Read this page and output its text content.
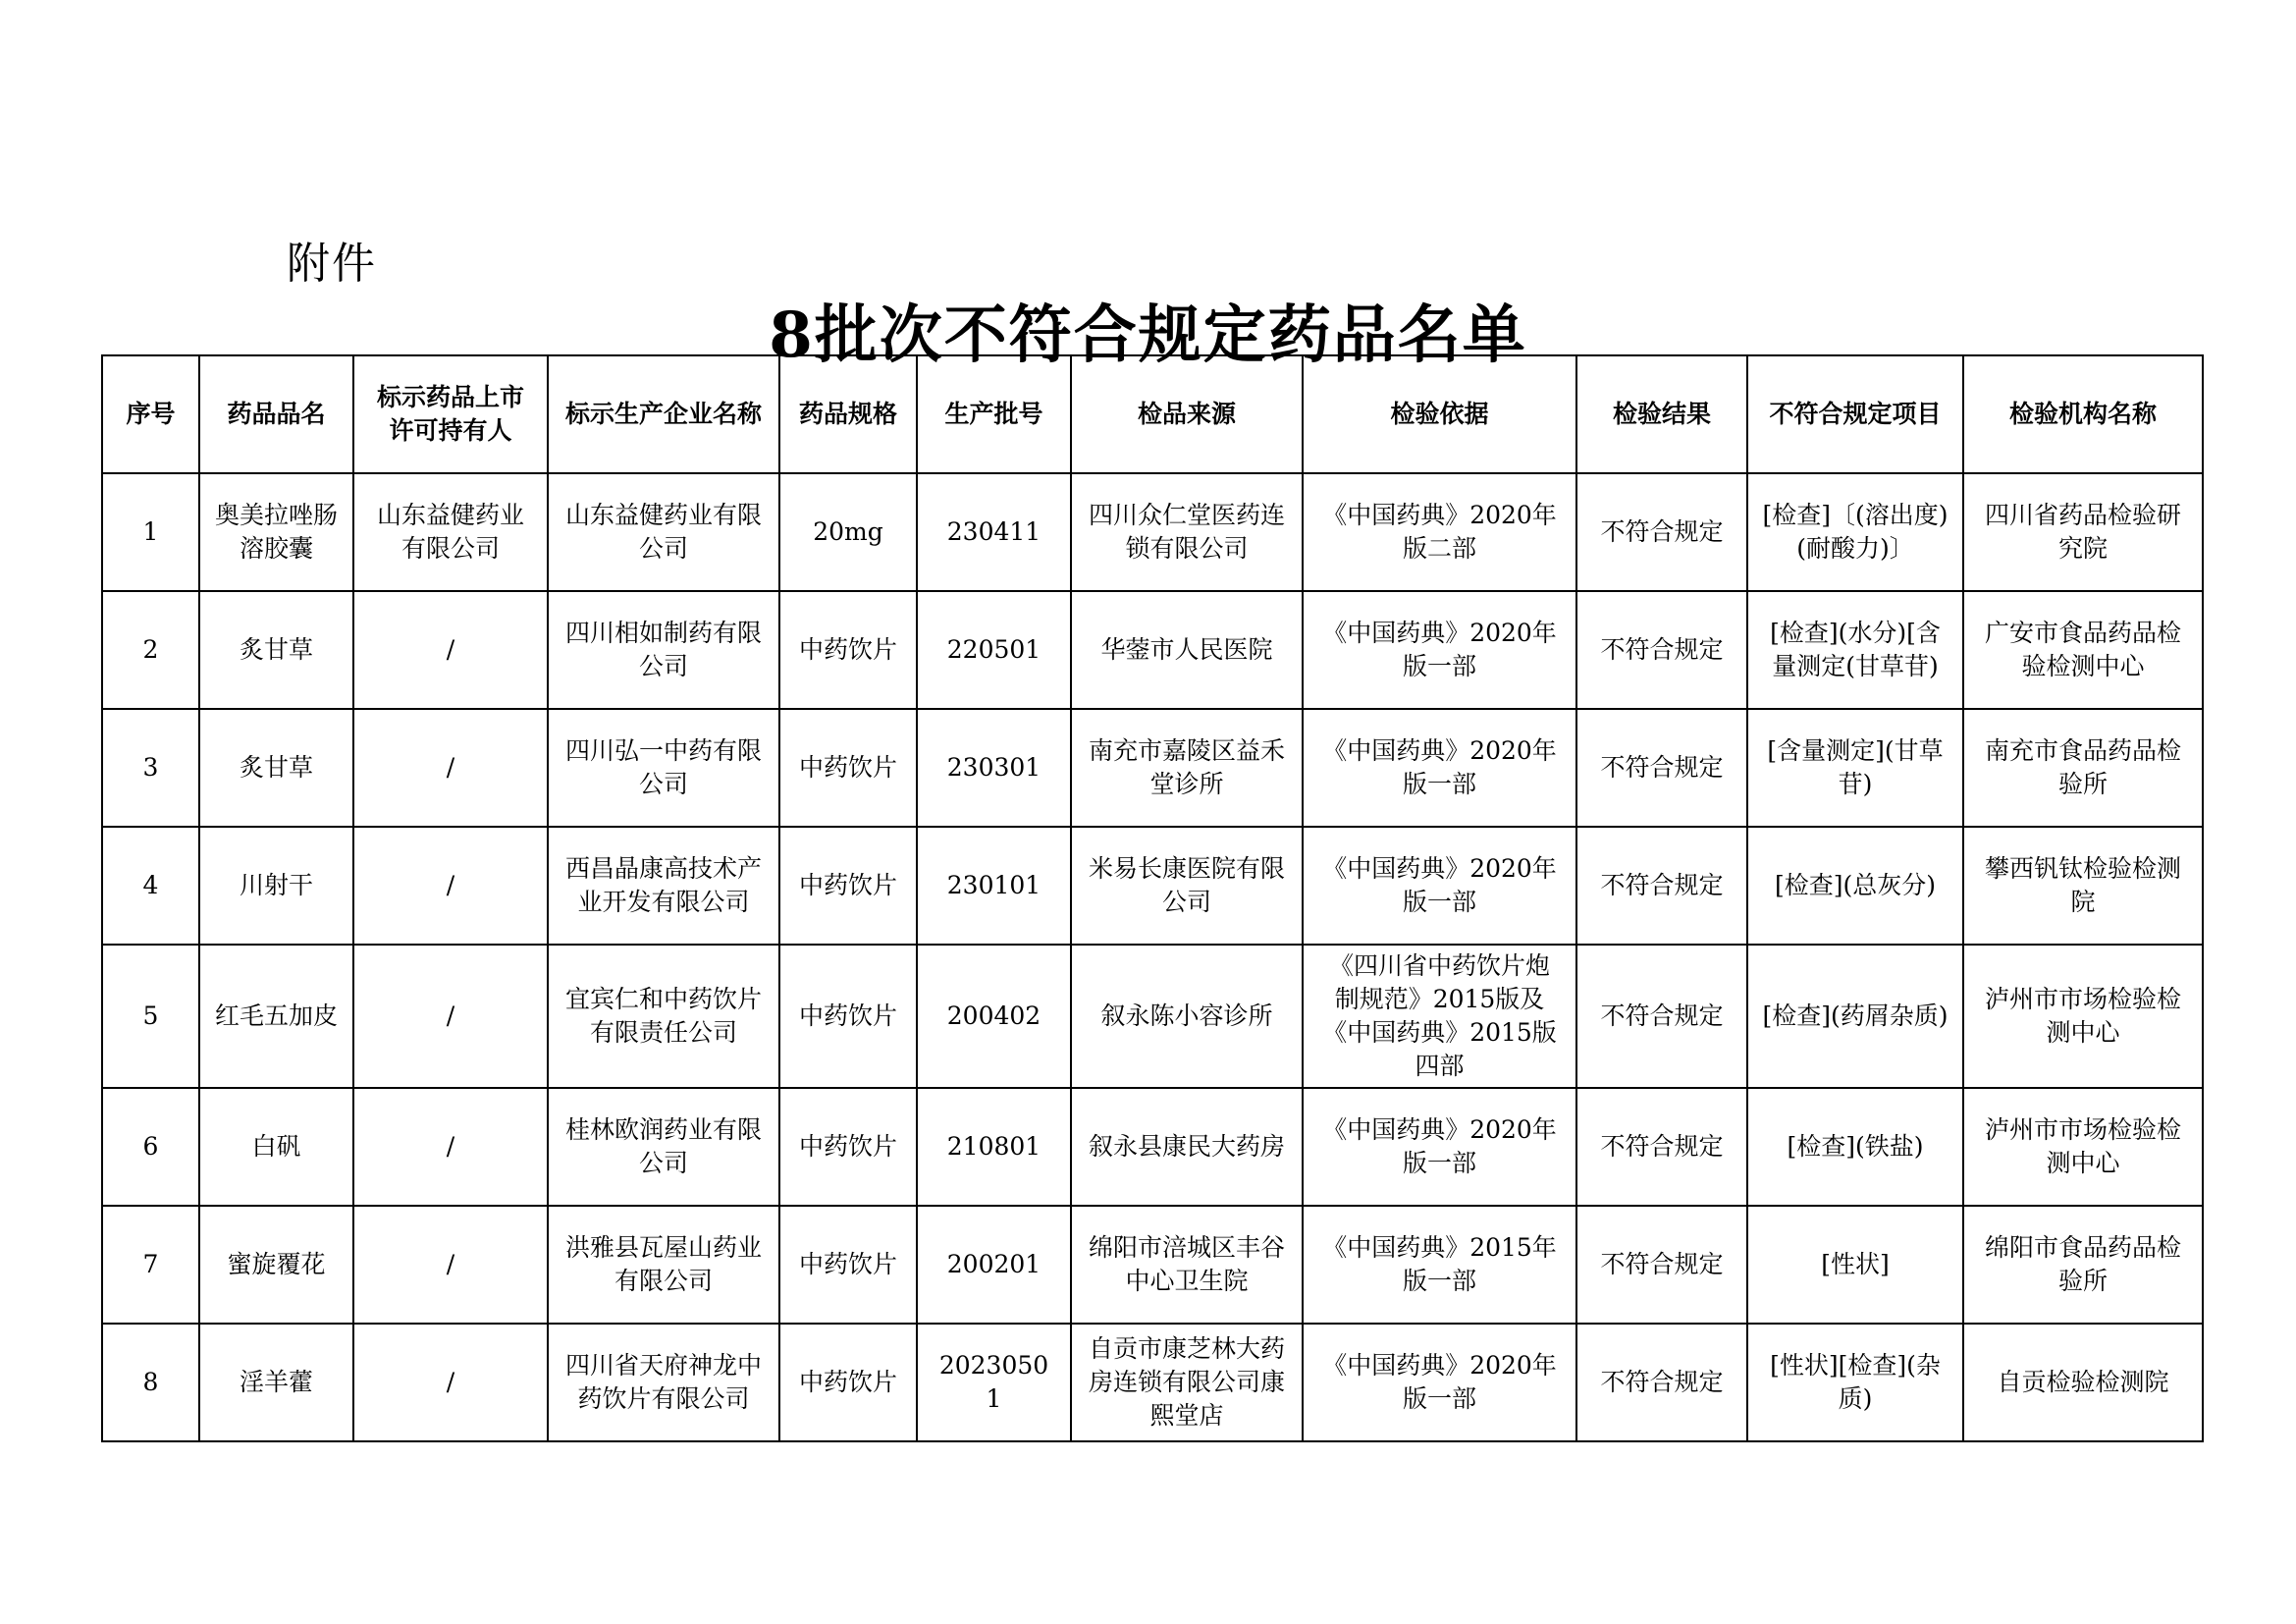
附件
8批次不符合规定药品名单
序号	药品品名	标示药品上市许可持有人	标示生产企业名称	药品规格	生产批号	检品来源	检验依据	检验结果	不符合规定项目	检验机构名称
1	奥美拉唑肠溶胶囊	山东益健药业有限公司	山东益健药业有限公司	20mg	230411	四川众仁堂医药连锁有限公司	《中国药典》2020年版二部	不符合规定	[检查]〔(溶出度)(耐酸力)〕	四川省药品检验研究院
2	炙甘草	/	四川相如制药有限公司	中药饮片	220501	华蓥市人民医院	《中国药典》2020年版一部	不符合规定	[检查](水分)[含量测定(甘草苷)	广安市食品药品检验检测中心
3	炙甘草	/	四川弘一中药有限公司	中药饮片	230301	南充市嘉陵区益禾堂诊所	《中国药典》2020年版一部	不符合规定	[含量测定](甘草苷)	南充市食品药品检验所
4	川射干	/	西昌晶康高技术产业开发有限公司	中药饮片	230101	米易长康医院有限公司	《中国药典》2020年版一部	不符合规定	[检查](总灰分)	攀西钒钛检验检测院
5	红毛五加皮	/	宜宾仁和中药饮片有限责任公司	中药饮片	200402	叙永陈小容诊所	《四川省中药饮片炮制规范》2015版及《中国药典》2015版四部	不符合规定	[检查](药屑杂质)	泸州市市场检验检测中心
6	白矾	/	桂林欧润药业有限公司	中药饮片	210801	叙永县康民大药房	《中国药典》2020年版一部	不符合规定	[检查](铁盐)	泸州市市场检验检测中心
7	蜜旋覆花	/	洪雅县瓦屋山药业有限公司	中药饮片	200201	绵阳市涪城区丰谷中心卫生院	《中国药典》2015年版一部	不符合规定	[性状]	绵阳市食品药品检验所
8	淫羊藿	/	四川省天府神龙中药饮片有限公司	中药饮片	20230501	自贡市康芝林大药房连锁有限公司康熙堂店	《中国药典》2020年版一部	不符合规定	[性状][检查](杂质)	自贡检验检测院
